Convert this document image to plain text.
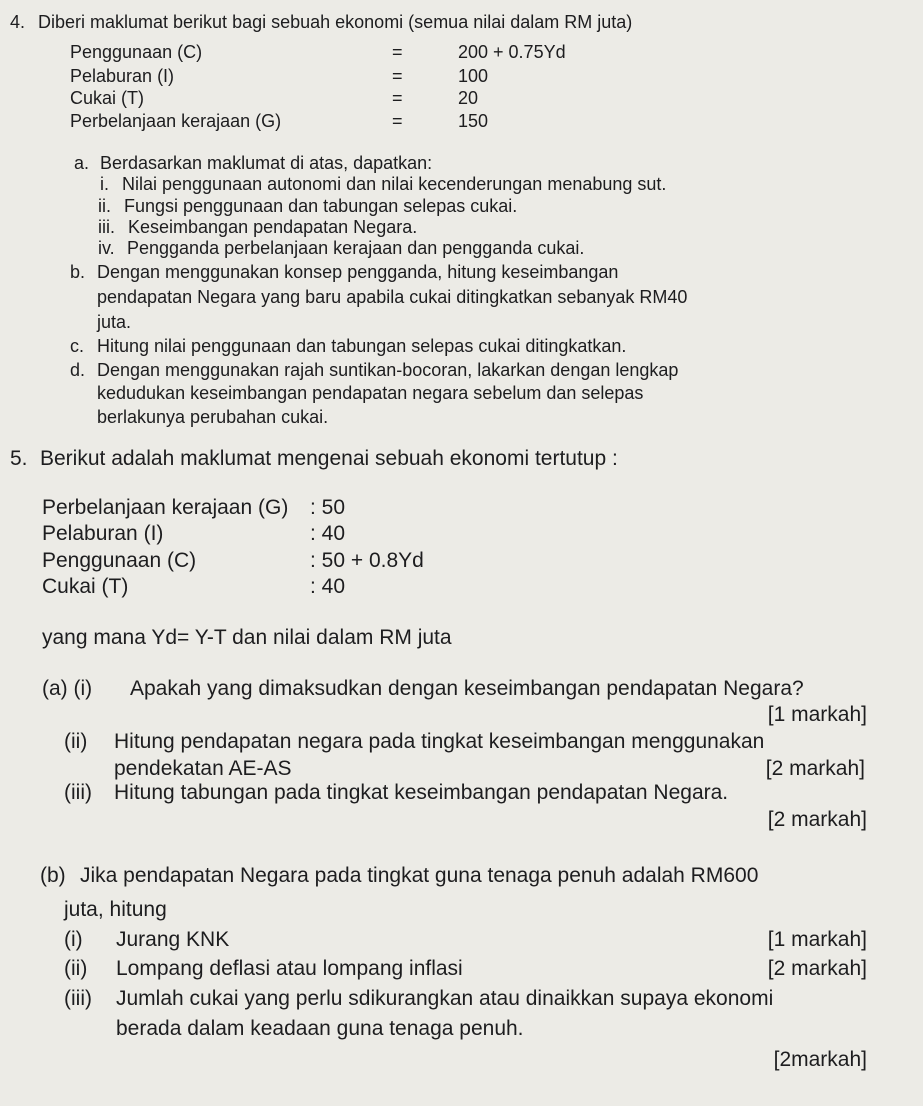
4. Diberi maklumat berikut bagi sebuah ekonomi (semua nilai dalam RM juta)
Penggunaan (C)	=	200 + 0.75Yd
Pelaburan (I)	=	100
Cukai (T)	=	20
Perbelanjaan kerajaan (G)	=	150
a. Berdasarkan maklumat di atas, dapatkan:
i. Nilai penggunaan autonomi dan nilai kecenderungan menabung sut.
ii. Fungsi penggunaan dan tabungan selepas cukai.
iii. Keseimbangan pendapatan Negara.
iv. Pengganda perbelanjaan kerajaan dan pengganda cukai.
b. Dengan menggunakan konsep pengganda, hitung keseimbangan
pendapatan Negara yang baru apabila cukai ditingkatkan sebanyak RM40
juta.
c. Hitung nilai penggunaan dan tabungan selepas cukai ditingkatkan.
d. Dengan menggunakan rajah suntikan-bocoran, lakarkan dengan lengkap
kedudukan keseimbangan pendapatan negara sebelum dan selepas
berlakunya perubahan cukai.
5. Berikut adalah maklumat mengenai sebuah ekonomi tertutup :
Perbelanjaan kerajaan (G) : 50
Pelaburan (I)	: 40
Penggunaan (C)	: 50 + 0.8Yd
Cukai (T)	: 40
yang mana Yd= Y-T dan nilai dalam RM juta
(a) (i) Apakah yang dimaksudkan dengan keseimbangan pendapatan Negara?
[1 markah]
(ii) Hitung pendapatan negara pada tingkat keseimbangan menggunakan
pendekatan AE-AS	[2 markah]
(iii) Hitung tabungan pada tingkat keseimbangan pendapatan Negara.
[2 markah]
(b) Jika pendapatan Negara pada tingkat guna tenaga penuh adalah RM600
juta, hitung
(i) Jurang KNK	[1 markah]
(ii) Lompang deflasi atau lompang inflasi	[2 markah]
(iii) Jumlah cukai yang perlu sdikurangkan atau dinaikkan supaya ekonomi
berada dalam keadaan guna tenaga penuh.
[2markah]
